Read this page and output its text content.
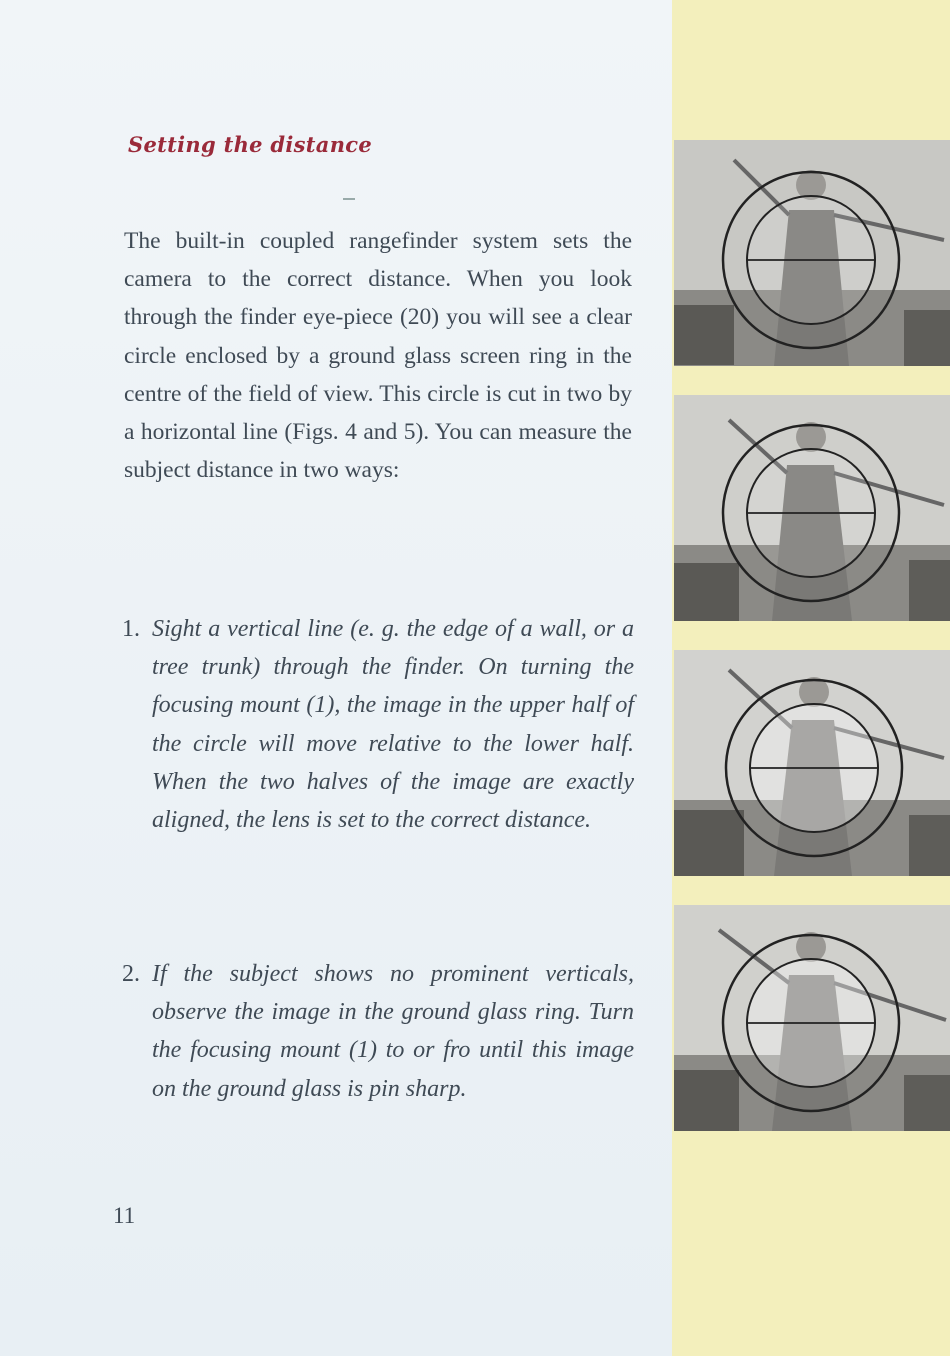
Setting the distance
The built-in coupled rangefinder system sets the camera to the correct distance. When you look through the finder eye-piece (20) you will see a clear circle enclosed by a ground glass screen ring in the centre of the field of view. This circle is cut in two by a horizontal line (Figs. 4 and 5). You can measure the subject distance in two ways:
1. Sight a vertical line (e. g. the edge of a wall, or a tree trunk) through the finder. On turning the focusing mount (1), the image in the upper half of the circle will move relative to the lower half. When the two halves of the image are exactly aligned, the lens is set to the correct distance.
2. If the subject shows no prominent verticals, observe the image in the ground glass ring. Turn the focusing mount (1) to or fro until this image on the ground glass is pin sharp.
11
